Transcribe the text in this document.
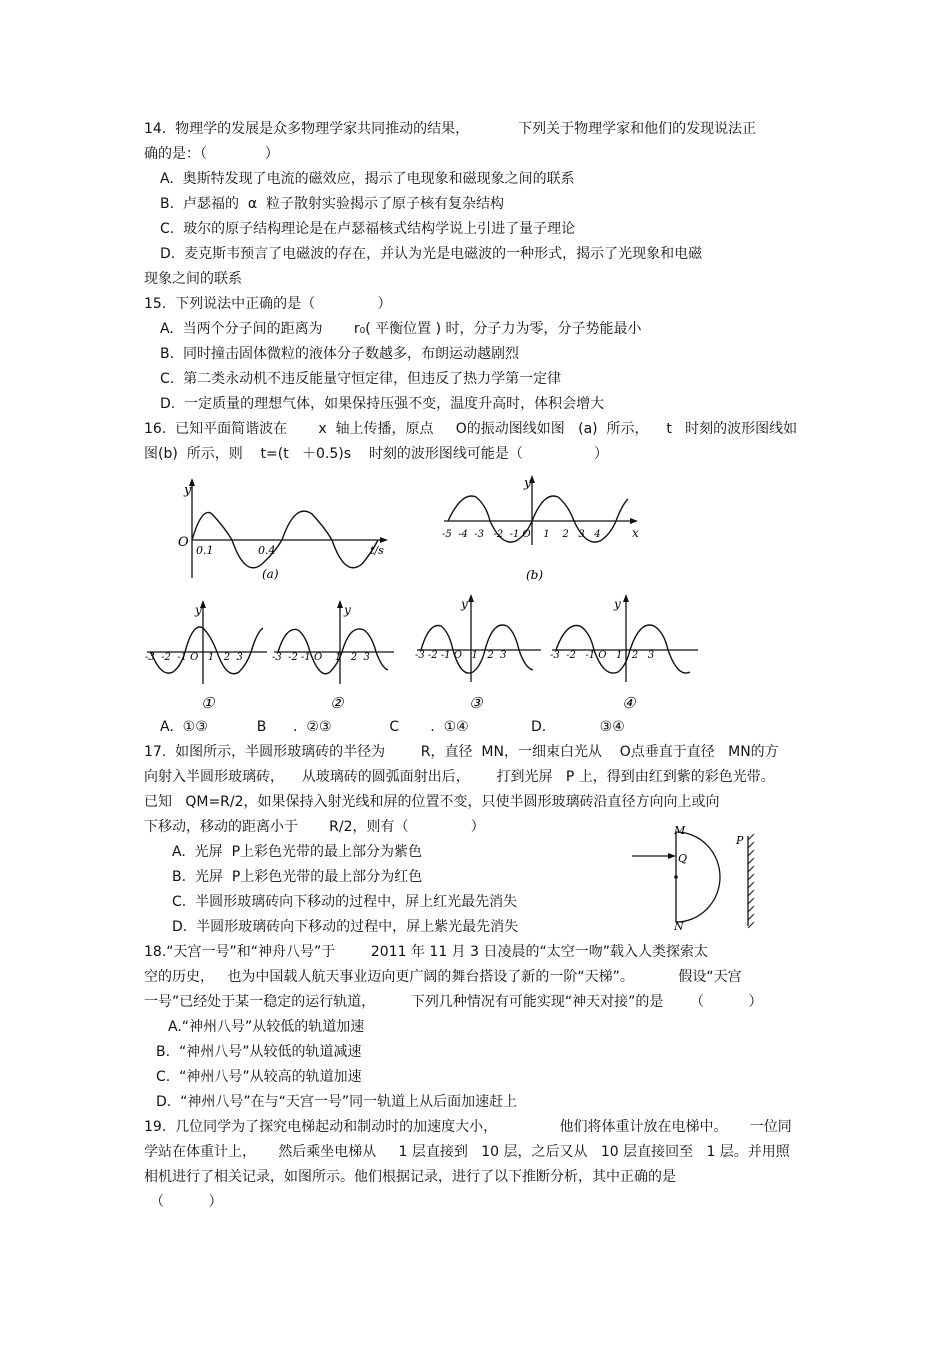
14.  物理学的发展是众多物理学家共同推动的结果，           下列关于物理学家和他们的发现说法正
确的是：（             ）
A.  奥斯特发现了电流的磁效应，揭示了电现象和磁现象之间的联系
B.  卢瑟福的  α  粒子散射实验揭示了原子核有复杂结构
C.  玻尔的原子结构理论是在卢瑟福核式结构学说上引进了量子理论
D.  麦克斯韦预言了电磁波的存在，并认为光是电磁波的一种形式，揭示了光现象和电磁
现象之间的联系
15.  下列说法中正确的是（              ）
A.  当两个分子间的距离为       r₀( 平衡位置 ) 时，分子力为零，分子势能最小
B.  同时撞击固体微粒的液体分子数越多，布朗运动越剧烈
C.  第二类永动机不违反能量守恒定律，但违反了热力学第一定律
D.  一定质量的理想气体，如果保持压强不变，温度升高时，体积会增大
16.  已知平面简谐波在       x  轴上传播，原点     O的振动图线如图   (a)  所示，    t   时刻的波形图线如
图(b)  所示，则    t=(t   ＋0.5)s    时刻的波形图线可能是（                ）
y
O
0.1	0.4	t/s
(a)
y
x
-5  -4  -3   -2  -1 O    1    2   3   4
(b)
y
-3  -2  -1 O   1   2  3
①
y
-3  -2 -1 O    1   2  3
②
y
-3 -2 -1 O   1   2  3
③
y
-3  -2   -1 O   1   2   3
④
A.  ①③           B      .  ②③             C       .  ①④              D.            ③④
17.  如图所示，半圆形玻璃砖的半径为        R，直径  MN，一细束白光从    O点垂直于直径   MN的方
向射入半圆形玻璃砖，    从玻璃砖的圆弧面射出后，      打到光屏   P 上，得到由红到紫的彩色光带。
已知   QM=R/2，如果保持入射光线和屏的位置不变，只使半圆形玻璃砖沿直径方向向上或向
下移动，移动的距离小于       R/2，则有（              ）
A.  光屏  P上彩色光带的最上部分为紫色
B.  光屏  P上彩色光带的最上部分为红色
C.  半圆形玻璃砖向下移动的过程中，屏上红光最先消失
D.  半圆形玻璃砖向下移动的过程中，屏上紫光最先消失
M
Q
N
P
18.“天宫一号”和“神舟八号”于        2011 年 11 月 3 日凌晨的“太空一吻”载入人类探索太
空的历史，   也为中国载人航天事业迈向更广阔的舞台搭设了新的一阶“天梯”。          假设“天宫
一号”已经处于某一稳定的运行轨道，        下列几种情况有可能实现“神天对接”的是      （          ）
A.“神州八号”从较低的轨道加速
B.  “神州八号”从较低的轨道减速
C.  “神州八号”从较高的轨道加速
D.  “神州八号”在与“天宫一号”同一轨道上从后面加速赶上
19.  几位同学为了探究电梯起动和制动时的加速度大小，              他们将体重计放在电梯中。     一位同
学站在体重计上，     然后乘坐电梯从     1 层直接到   10 层，之后又从   10 层直接回至   1 层。并用照
相机进行了相关记录，如图所示。他们根据记录，进行了以下推断分析，其中正确的是
（          ）
